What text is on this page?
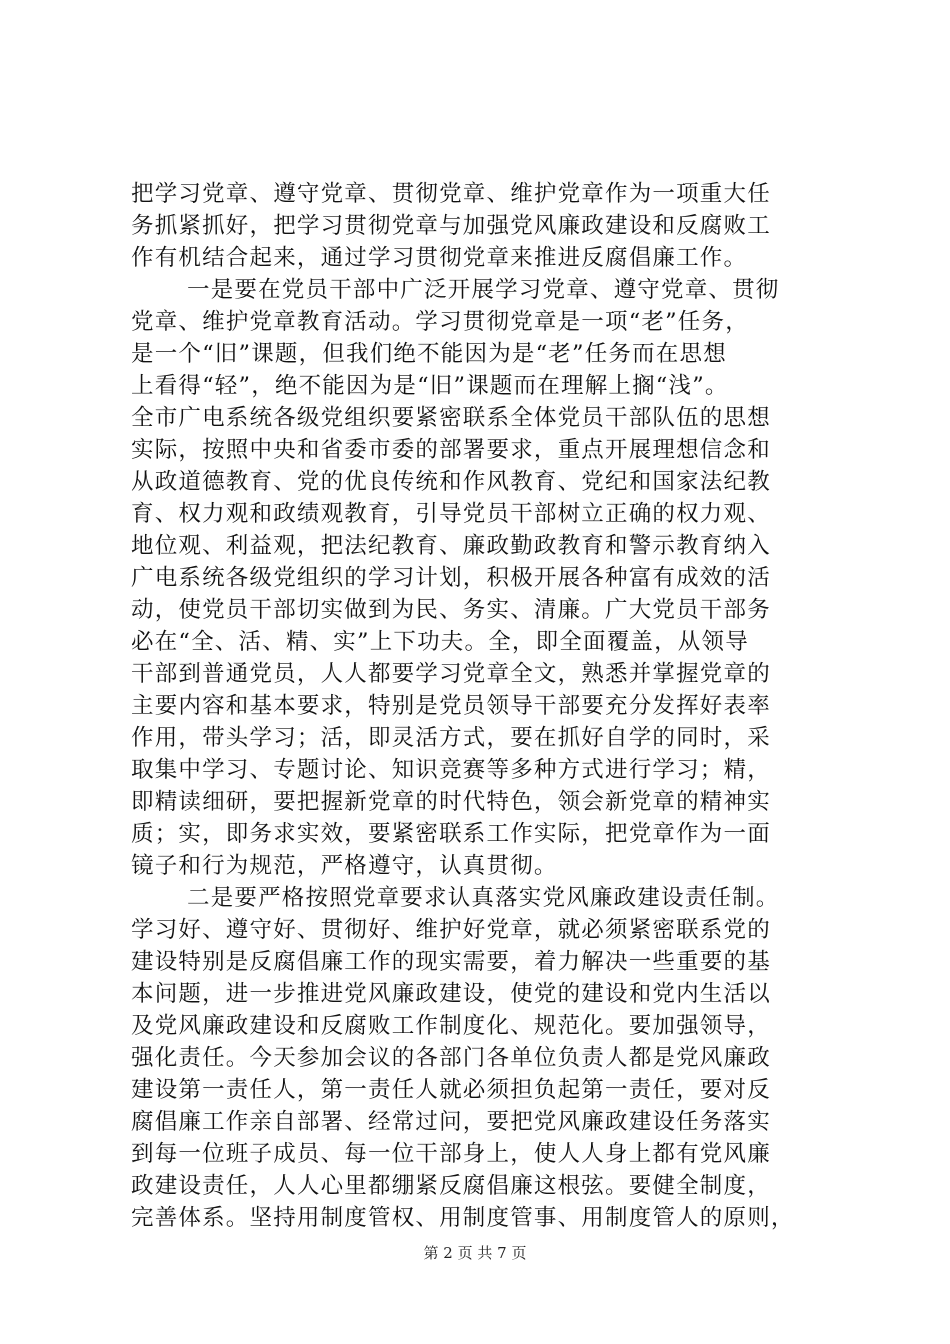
把学习党章、遵守党章、贯彻党章、维护党章作为一项重大任
务抓紧抓好，把学习贯彻党章与加强党风廉政建设和反腐败工
作有机结合起来，通过学习贯彻党章来推进反腐倡廉工作。
一是要在党员干部中广泛开展学习党章、遵守党章、贯彻
党章、维护党章教育活动。学习贯彻党章是一项“老”任务，
是一个“旧”课题，但我们绝不能因为是“老”任务而在思想
上看得“轻”，绝不能因为是“旧”课题而在理解上搁“浅”。
全市广电系统各级党组织要紧密联系全体党员干部队伍的思想
实际，按照中央和省委市委的部署要求，重点开展理想信念和
从政道德教育、党的优良传统和作风教育、党纪和国家法纪教
育、权力观和政绩观教育，引导党员干部树立正确的权力观、
地位观、利益观，把法纪教育、廉政勤政教育和警示教育纳入
广电系统各级党组织的学习计划，积极开展各种富有成效的活
动，使党员干部切实做到为民、务实、清廉。广大党员干部务
必在“全、活、精、实”上下功夫。全，即全面覆盖，从领导
干部到普通党员，人人都要学习党章全文，熟悉并掌握党章的
主要内容和基本要求，特别是党员领导干部要充分发挥好表率
作用，带头学习；活，即灵活方式，要在抓好自学的同时，采
取集中学习、专题讨论、知识竞赛等多种方式进行学习；精，
即精读细研，要把握新党章的时代特色，领会新党章的精神实
质；实，即务求实效，要紧密联系工作实际，把党章作为一面
镜子和行为规范，严格遵守，认真贯彻。
二是要严格按照党章要求认真落实党风廉政建设责任制。
学习好、遵守好、贯彻好、维护好党章，就必须紧密联系党的
建设特别是反腐倡廉工作的现实需要，着力解决一些重要的基
本问题，进一步推进党风廉政建设，使党的建设和党内生活以
及党风廉政建设和反腐败工作制度化、规范化。要加强领导，
强化责任。今天参加会议的各部门各单位负责人都是党风廉政
建设第一责任人，第一责任人就必须担负起第一责任，要对反
腐倡廉工作亲自部署、经常过问，要把党风廉政建设任务落实
到每一位班子成员、每一位干部身上，使人人身上都有党风廉
政建设责任，人人心里都绷紧反腐倡廉这根弦。要健全制度，
完善体系。坚持用制度管权、用制度管事、用制度管人的原则，
第 2 页 共 7 页
